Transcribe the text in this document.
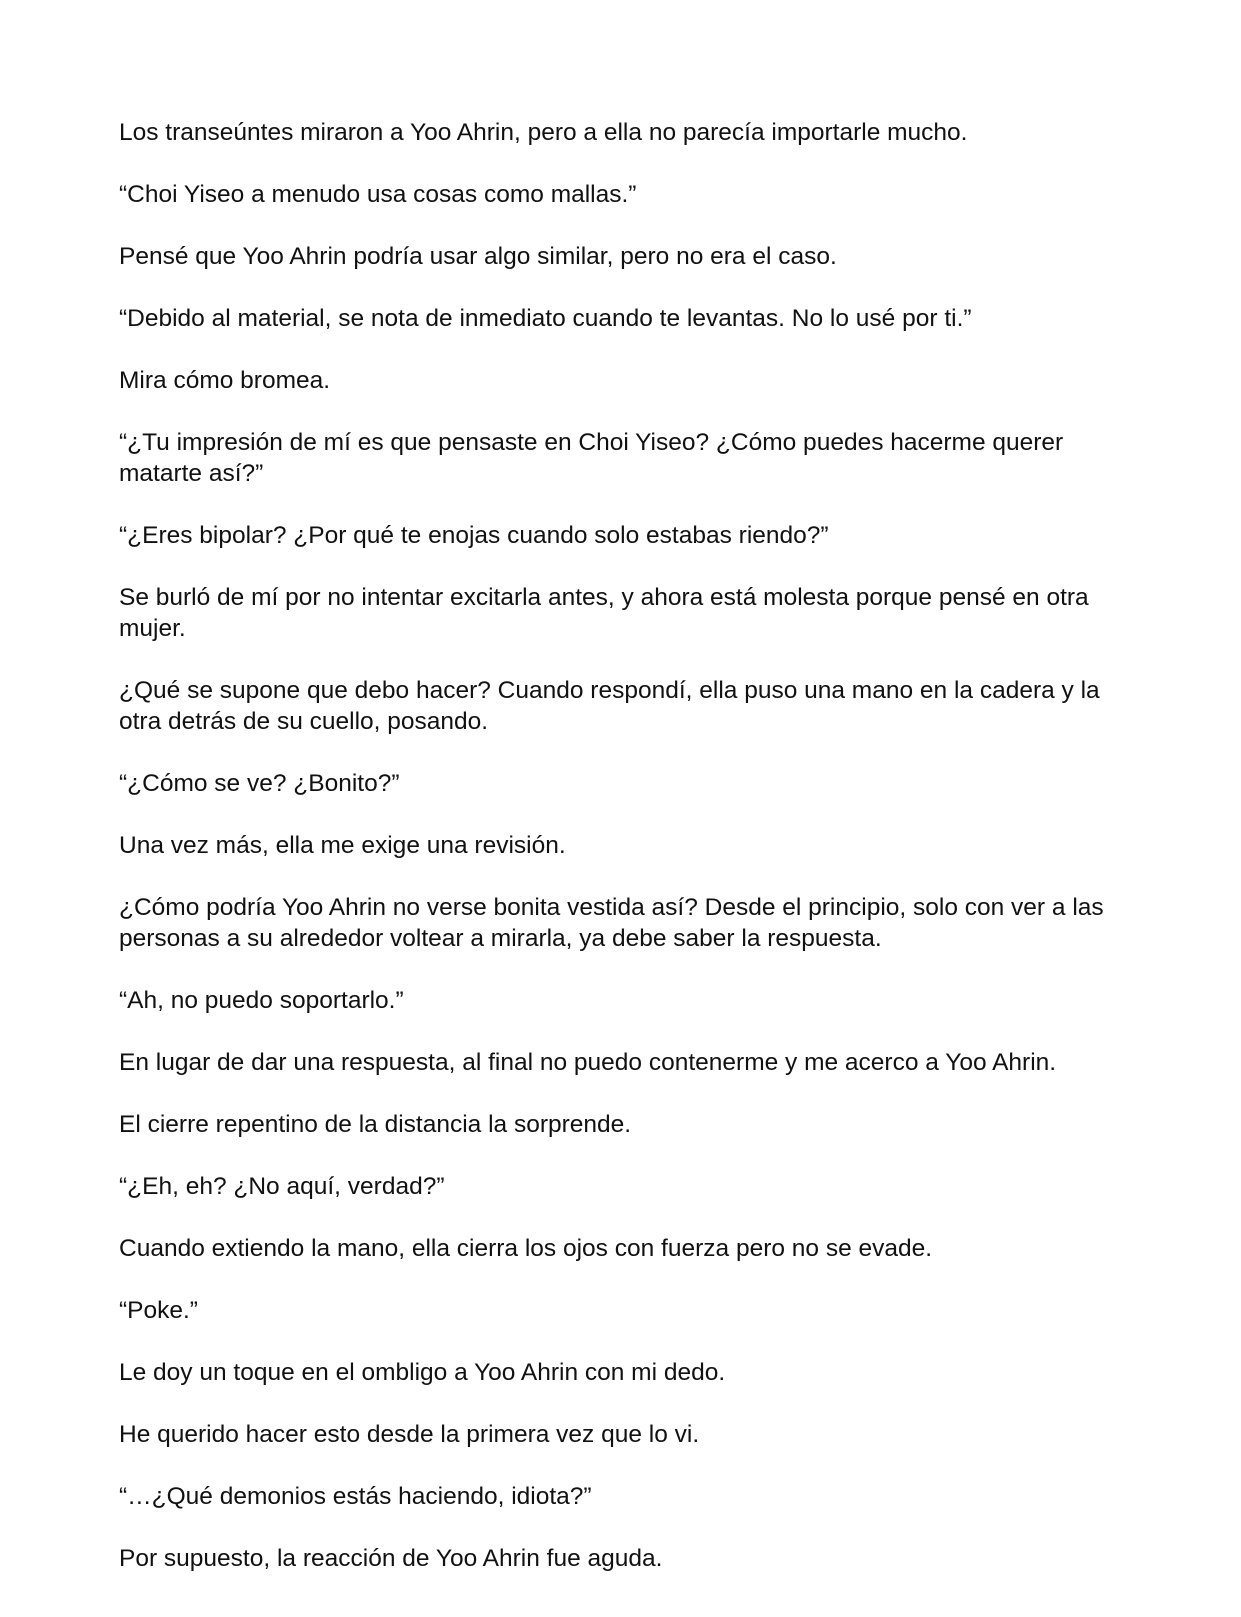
Los transeúntes miraron a Yoo Ahrin, pero a ella no parecía importarle mucho.

“Choi Yiseo a menudo usa cosas como mallas.”

Pensé que Yoo Ahrin podría usar algo similar, pero no era el caso.

“Debido al material, se nota de inmediato cuando te levantas. No lo usé por ti.”

Mira cómo bromea.

“¿Tu impresión de mí es que pensaste en Choi Yiseo? ¿Cómo puedes hacerme querer matarte así?”

“¿Eres bipolar? ¿Por qué te enojas cuando solo estabas riendo?”

Se burló de mí por no intentar excitarla antes, y ahora está molesta porque pensé en otra mujer.

¿Qué se supone que debo hacer? Cuando respondí, ella puso una mano en la cadera y la otra detrás de su cuello, posando.

“¿Cómo se ve? ¿Bonito?”

Una vez más, ella me exige una revisión.

¿Cómo podría Yoo Ahrin no verse bonita vestida así? Desde el principio, solo con ver a las personas a su alrededor voltear a mirarla, ya debe saber la respuesta.

“Ah, no puedo soportarlo.”

En lugar de dar una respuesta, al final no puedo contenerme y me acerco a Yoo Ahrin.

El cierre repentino de la distancia la sorprende.

“¿Eh, eh? ¿No aquí, verdad?”

Cuando extiendo la mano, ella cierra los ojos con fuerza pero no se evade.

“Poke.”

Le doy un toque en el ombligo a Yoo Ahrin con mi dedo.

He querido hacer esto desde la primera vez que lo vi.

“…¿Qué demonios estás haciendo, idiota?”

Por supuesto, la reacción de Yoo Ahrin fue aguda.
